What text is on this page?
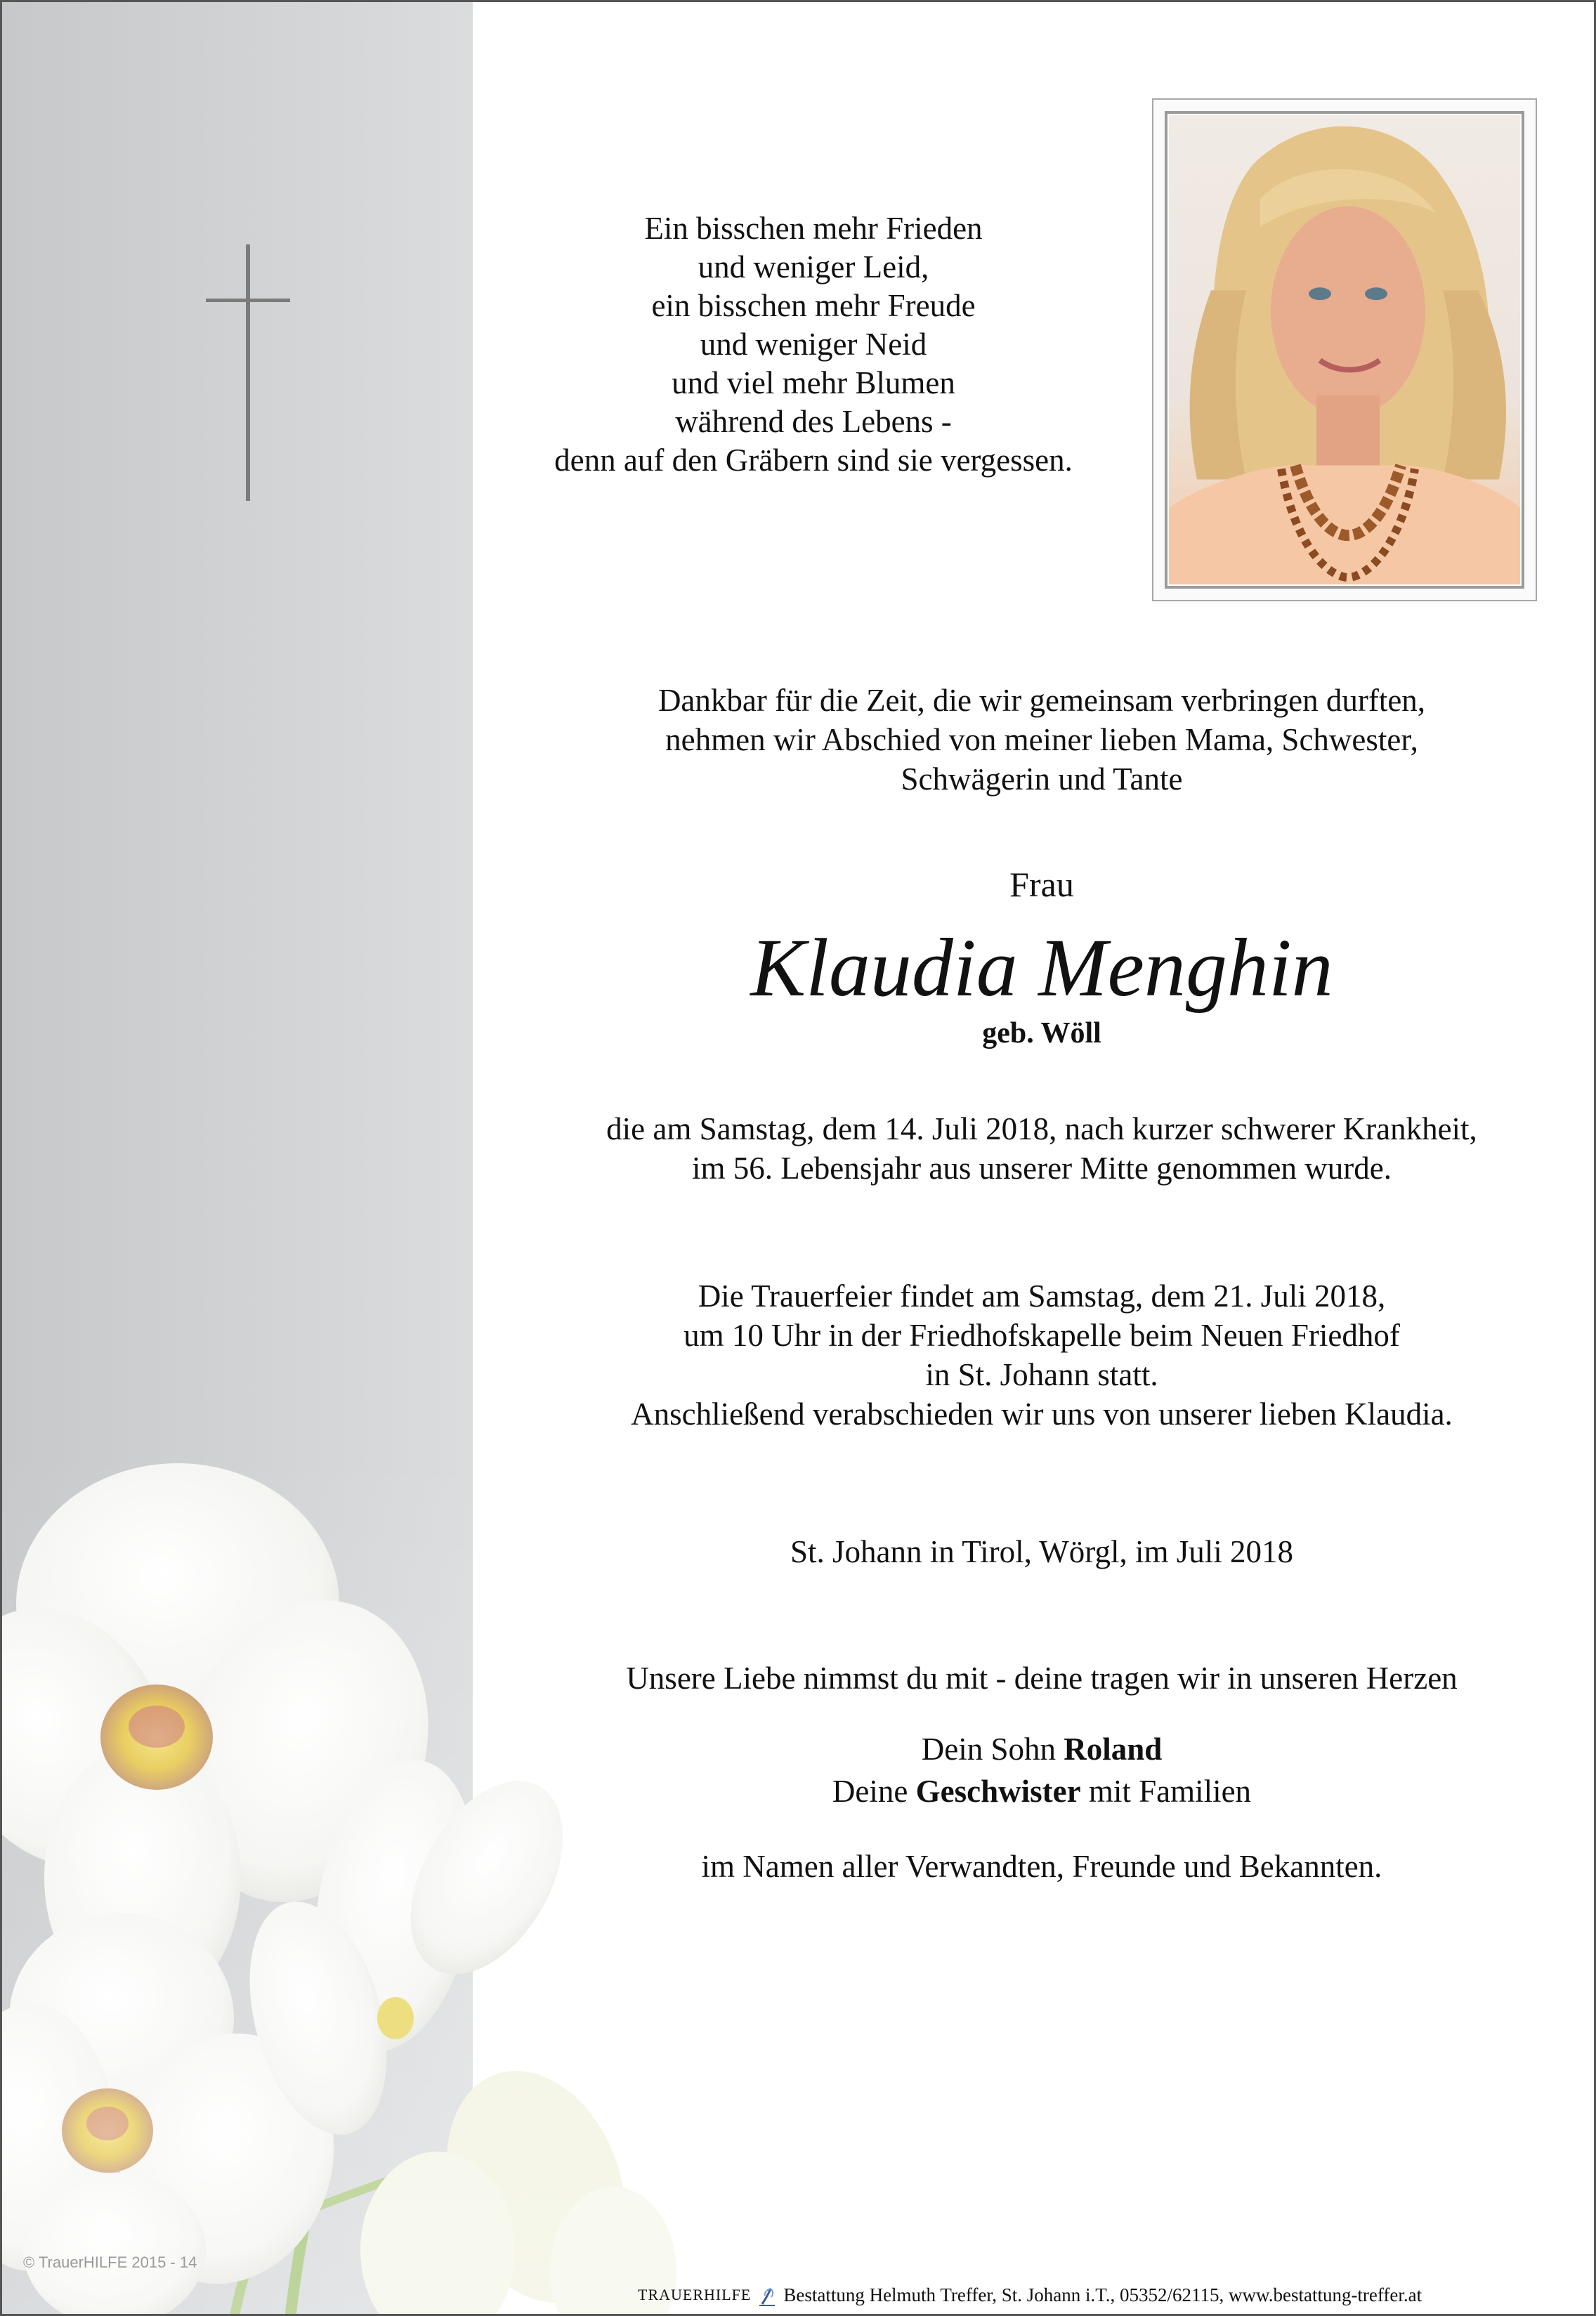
Ein bisschen mehr Frieden
und weniger Leid,
ein bisschen mehr Freude
und weniger Neid
und viel mehr Blumen
während des Lebens -
denn auf den Gräbern sind sie vergessen.
Dankbar für die Zeit, die wir gemeinsam verbringen durften,
nehmen wir Abschied von meiner lieben Mama, Schwester,
Schwägerin und Tante
Frau
Klaudia Menghin
geb. Wöll
die am Samstag, dem 14. Juli 2018, nach kurzer schwerer Krankheit,
im 56. Lebensjahr aus unserer Mitte genommen wurde.
Die Trauerfeier findet am Samstag, dem 21. Juli 2018,
um 10 Uhr in der Friedhofskapelle beim Neuen Friedhof
in St. Johann statt.
Anschließend verabschieden wir uns von unserer lieben Klaudia.
St. Johann in Tirol, Wörgl, im Juli 2018
Unsere Liebe nimmst du mit - deine tragen wir in unseren Herzen
Dein Sohn Roland
Deine Geschwister mit Familien
im Namen aller Verwandten, Freunde und Bekannten.
© TrauerHILFE 2015 - 14
TRAUERHILFE Bestattung Helmuth Treffer, St. Johann i.T., 05352/62115, www.bestattung-treffer.at
